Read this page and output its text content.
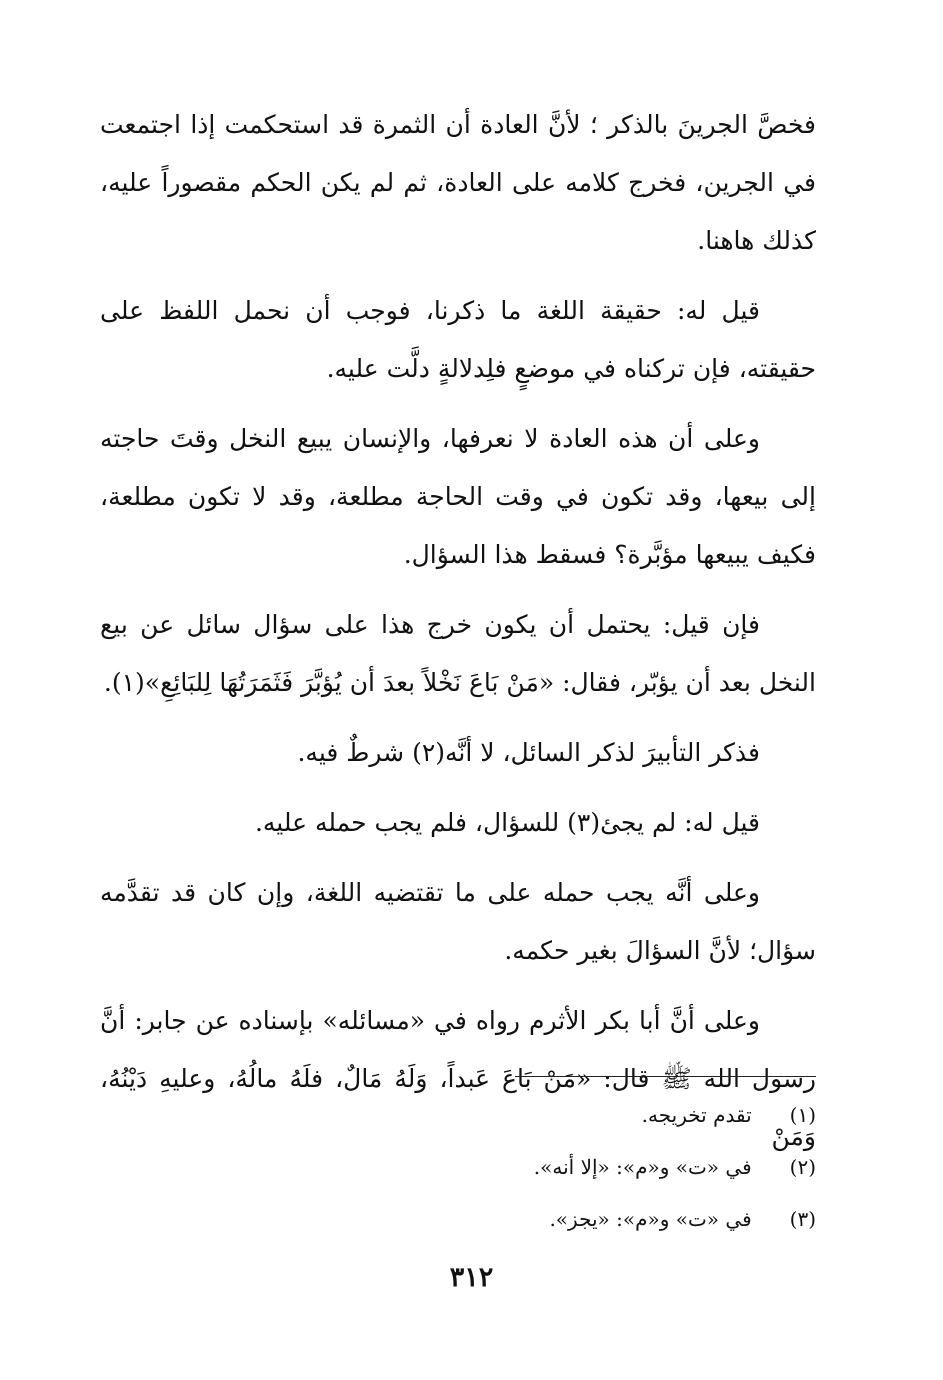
فخصَّ الجرينَ بالذكر ؛ لأنَّ العادة أن الثمرة قد استحكمت إذا اجتمعت في الجرين، فخرج كلامه على العادة، ثم لم يكن الحكم مقصوراً عليه، كذلك هاهنا.

قيل له: حقيقة اللغة ما ذكرنا، فوجب أن نحمل اللفظ على حقيقته، فإن تركناه في موضعٍ فلِدلالةٍ دلَّت عليه.

وعلى أن هذه العادة لا نعرفها، والإنسان يبيع النخل وقتَ حاجته إلى بيعها، وقد تكون في وقت الحاجة مطلعة، وقد لا تكون مطلعة، فكيف يبيعها مؤبَّرة؟ فسقط هذا السؤال.

فإن قيل: يحتمل أن يكون خرج هذا على سؤال سائل عن بيع النخل بعد أن يؤبّر، فقال: «مَنْ بَاعَ نَخْلاً بعدَ أن يُؤبَّرَ فَثَمَرَتُهَا لِلبَائِعِ»(١).

فذكر التأبيرَ لذكر السائل، لا أنَّه(٢) شرطٌ فيه.

قيل له: لم يجئ(٣) للسؤال، فلم يجب حمله عليه.

وعلى أنَّه يجب حمله على ما تقتضيه اللغة، وإن كان قد تقدَّمه سؤال؛ لأنَّ السؤالَ بغير حكمه.

وعلى أنَّ أبا بكر الأثرم رواه في «مسائله» بإسناده عن جابر: أنَّ رسول الله ﷺ قال: «مَنْ بَاعَ عَبداً، وَلَهُ مَالٌ، فلَهُ مالُهُ، وعليهِ دَيْنُهُ، وَمَنْ

(١) تقدم تخريجه.
(٢) في «ت» و«م»: «إلا أنه».
(٣) في «ت» و«م»: «يجز».
٣١٢
